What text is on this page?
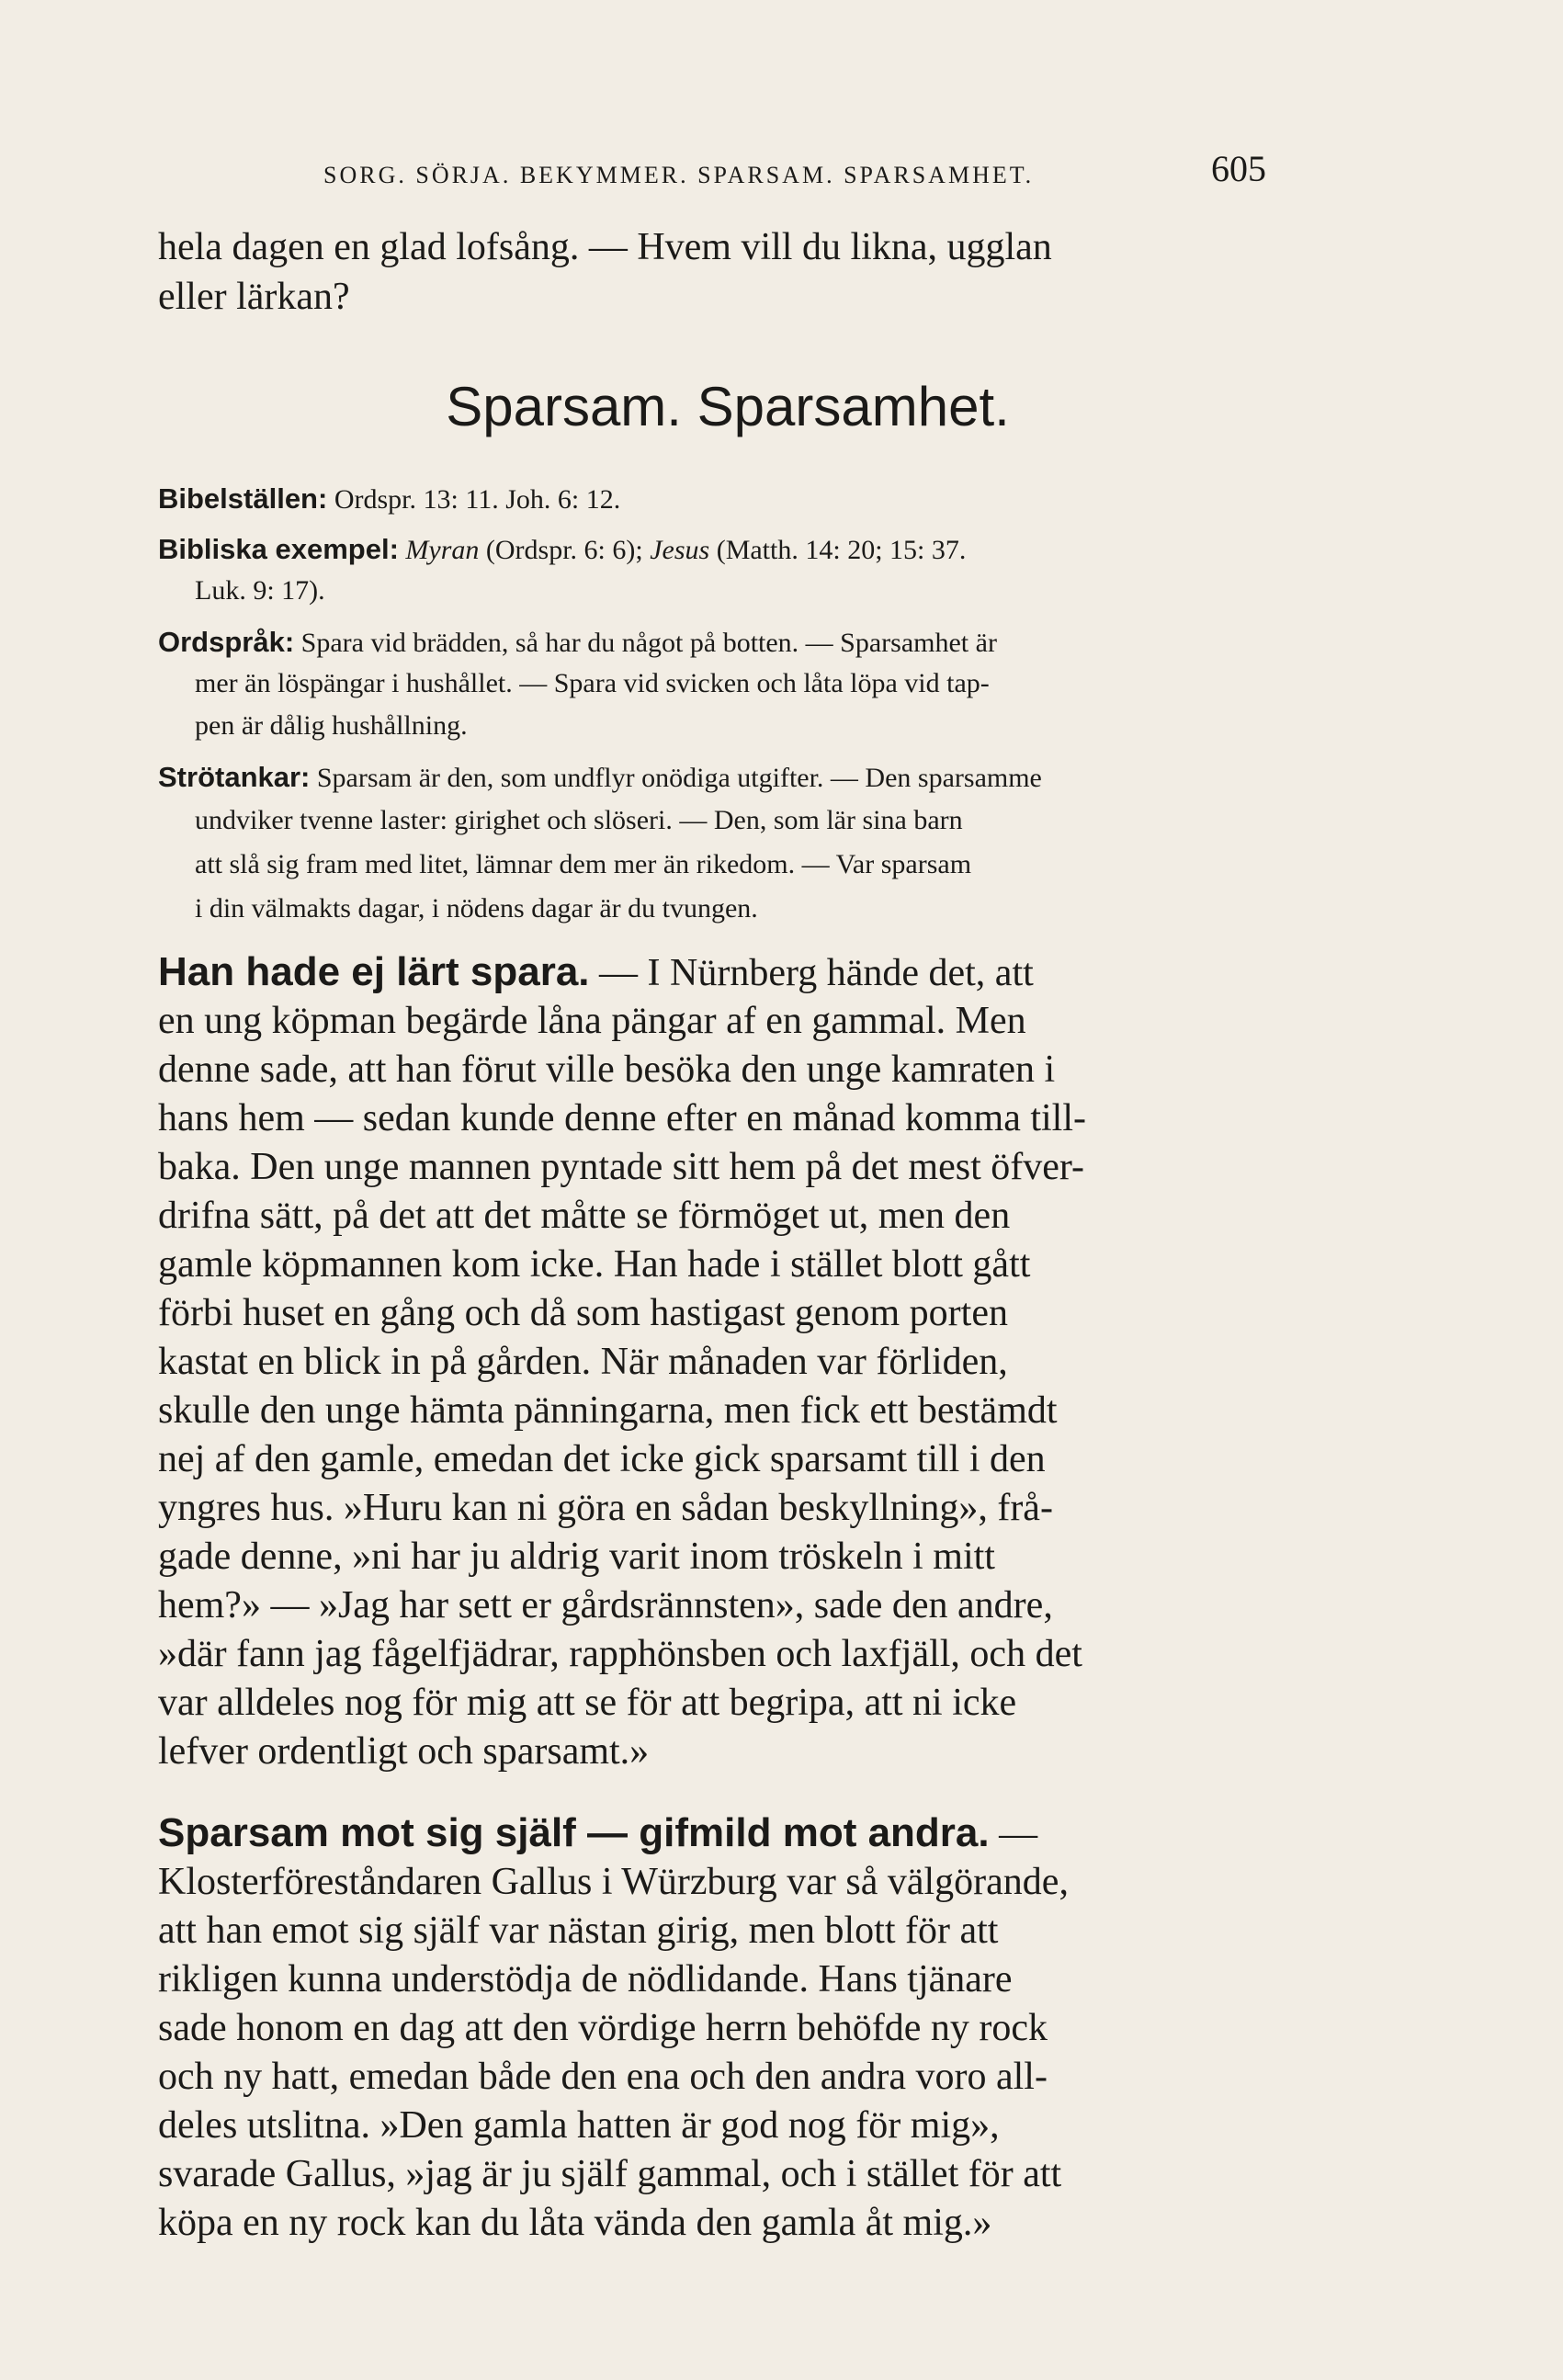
SORG. SÖRJA. BEKYMMER. SPARSAM. SPARSAMHET.	605
hela dagen en glad lofsång. — Hvem vill du likna, ugglan
eller lärkan?
Sparsam. Sparsamhet.
Bibelställen: Ordspr. 13: 11. Joh. 6: 12.
Bibliska exempel: Myran (Ordspr. 6: 6); Jesus (Matth. 14: 20; 15: 37.
Luk. 9: 17).
Ordspråk: Spara vid brädden, så har du något på botten. — Sparsamhet är
mer än löspängar i hushållet. — Spara vid svicken och låta löpa vid tap-
pen är dålig hushållning.
Strötankar: Sparsam är den, som undflyr onödiga utgifter. — Den sparsamme
undviker tvenne laster: girighet och slöseri. — Den, som lär sina barn
att slå sig fram med litet, lämnar dem mer än rikedom. — Var sparsam
i din välmakts dagar, i nödens dagar är du tvungen.
Han hade ej lärt spara. — I Nürnberg hände det, att
en ung köpman begärde låna pängar af en gammal. Men
denne sade, att han förut ville besöka den unge kamraten i
hans hem — sedan kunde denne efter en månad komma till-
baka. Den unge mannen pyntade sitt hem på det mest öfver-
drifna sätt, på det att det måtte se förmöget ut, men den
gamle köpmannen kom icke. Han hade i stället blott gått
förbi huset en gång och då som hastigast genom porten
kastat en blick in på gården. När månaden var förliden,
skulle den unge hämta pänningarna, men fick ett bestämdt
nej af den gamle, emedan det icke gick sparsamt till i den
yngres hus. »Huru kan ni göra en sådan beskyllning», frå-
gade denne, »ni har ju aldrig varit inom tröskeln i mitt
hem?» — »Jag har sett er gårdsrännsten», sade den andre,
»där fann jag fågelfjädrar, rapphönsben och laxfjäll, och det
var alldeles nog för mig att se för att begripa, att ni icke
lefver ordentligt och sparsamt.»
Sparsam mot sig själf — gifmild mot andra. —
Klosterföreståndaren Gallus i Würzburg var så välgörande,
att han emot sig själf var nästan girig, men blott för att
rikligen kunna understödja de nödlidande. Hans tjänare
sade honom en dag att den vördige herrn behöfde ny rock
och ny hatt, emedan både den ena och den andra voro all-
deles utslitna. »Den gamla hatten är god nog för mig»,
svarade Gallus, »jag är ju själf gammal, och i stället för att
köpa en ny rock kan du låta vända den gamla åt mig.»
